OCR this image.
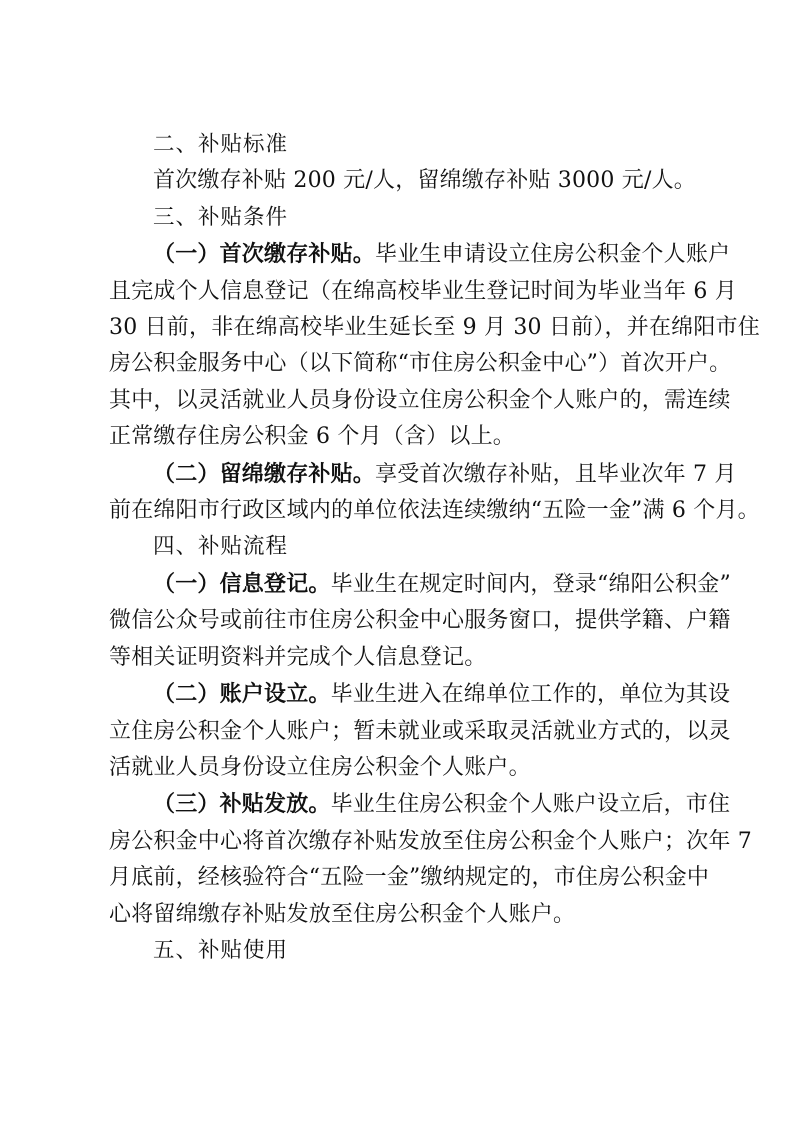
二、补贴标准
首次缴存补贴 200 元/人，留绵缴存补贴 3000 元/人。
三、补贴条件
（一）首次缴存补贴。毕业生申请设立住房公积金个人账户
且完成个人信息登记（在绵高校毕业生登记时间为毕业当年 6 月
30 日前，非在绵高校毕业生延长至 9 月 30 日前），并在绵阳市住
房公积金服务中心（以下简称“市住房公积金中心”）首次开户。
其中，以灵活就业人员身份设立住房公积金个人账户的，需连续
正常缴存住房公积金 6 个月（含）以上。
（二）留绵缴存补贴。享受首次缴存补贴，且毕业次年 7 月
前在绵阳市行政区域内的单位依法连续缴纳“五险一金”满 6 个月。
四、补贴流程
（一）信息登记。毕业生在规定时间内，登录“绵阳公积金”
微信公众号或前往市住房公积金中心服务窗口，提供学籍、户籍
等相关证明资料并完成个人信息登记。
（二）账户设立。毕业生进入在绵单位工作的，单位为其设
立住房公积金个人账户；暂未就业或采取灵活就业方式的，以灵
活就业人员身份设立住房公积金个人账户。
（三）补贴发放。毕业生住房公积金个人账户设立后，市住
房公积金中心将首次缴存补贴发放至住房公积金个人账户；次年 7
月底前，经核验符合“五险一金”缴纳规定的，市住房公积金中
心将留绵缴存补贴发放至住房公积金个人账户。
五、补贴使用
